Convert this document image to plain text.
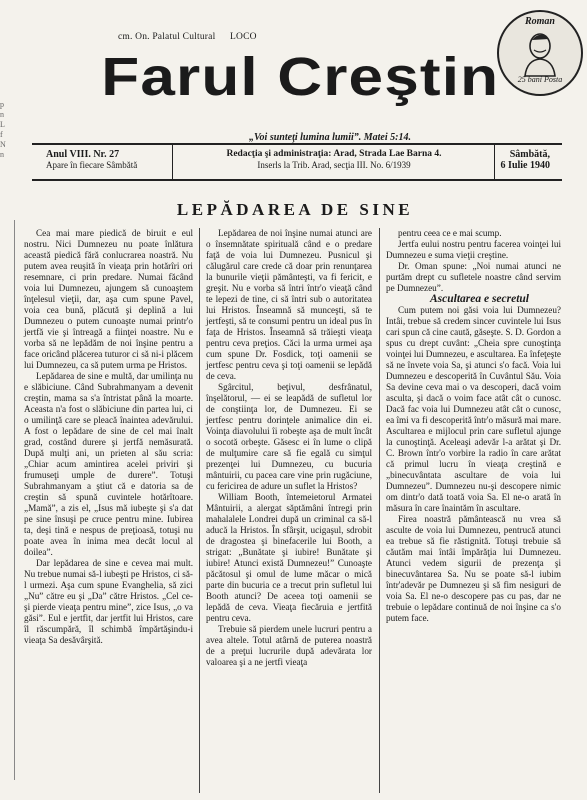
cm. On. Palatul Cultural LOCO
Farul Creştin
Roman
25 bani Posta
„Voi sunteţi lumina lumii”. Matei 5:14.
Anul VIII. Nr. 27
Apare în fiecare Sâmbătă
Redacţia şi administraţia: Arad, Strada Lae Barna 4.
Inserls la Trib. Arad, secţia III. No. 6/1939
Sâmbătă,
6 Iulie 1940
p
n
L
f
N
n
LEPĂDAREA DE SINE

Cea mai mare piedică de biruit e eul nostru. Nici Dumnezeu nu poate înlătura această piedică fără conlucrarea noastră. Nu putem avea reuşită în vieaţa prin hotărîri ori resemnare, ci prin predare. Numai făcând voia lui Dumnezeu, ajungem să cunoaştem înţelesul vieţii, dar, aşa cum spune Pavel, voia cea bună, plăcută şi deplină a lui Dumnezeu o putem cunoaşte numai printr'o jertfă vie şi întreagă a fiinţei noastre. Nu e vorba să ne lepădăm de noi înşine pentru a face oricând plăcerea tuturor ci să ni-i plăcem lui Dumnezeu, ca să putem urma pe Hristos.

Lepădarea de sine e multă, dar umilinţa nu e slăbiciune. Când Subrahmanyam a devenit creştin, mama sa s'a întristat până la moarte. Aceasta n'a fost o slăbiciune din partea lui, ci o umilinţă care se pleacă înaintea adevărului. A fost o lepădare de sine de cel mai înalt grad, costând durere şi jertfă nemăsurată. După mulţi ani, un prieten al său scria: „Chiar acum amintirea acelei priviri şi frumuseţi umple de durere”. Totuşi Subrahmanyam a ştiut că e datoria sa de creştin să spună cuvintele hotărîtoare. „Mamă”, a zis el, „Isus mă iubeşte şi s'a dat pe sine însuşi pe cruce pentru mine. Iubirea ta, deşi tină e nespus de preţioasă, totuşi nu poate avea în inima mea decât locul al doilea”.

Dar lepădarea de sine e cevea mai mult. Nu trebue numai să-l iubeşti pe Hristos, ci să-l urmezi. Aşa cum spune Evanghelia, să zici „Nu” către eu şi „Da” către Hristos. „Cel ce-şi pierde vieaţa pentru mine”, zice Isus, „o va găsi”. Eul e jertfit, dar jertfit lui Hristos, care îl răscumpără, îl schimbă împărtăşindu-i vieaţa Sa desăvârşită.

Lepădarea de noi înşine numai atunci are o însemnătate spirituală când e o predare faţă de voia lui Dumnezeu. Pusnicul şi călugărul care crede că doar prin renunţarea la bunurile vieţii pământeşti, va fi fericit, e greşit. Nu e vorba să întri într'o vieaţă când te lepezi de tine, ci să întri sub o autoritatea lui Hristos. Înseamnă să munceşti, să te jertfeşti, să te consumi pentru un ideal pus în faţa de Hristos. Înseamnă să trăieşti vieaţa pentru ceva preţios. Căci la urma urmei aşa cum spune Dr. Fosdick, toţi oamenii se jertfesc pentru ceva şi toţi oamenii se lepădă de ceva.

Sgârcitul, beţivul, desfrânatul, înşelătorul, — ei se leapădă de sufletul lor de conştiinţa lor, de Dumnezeu. Ei se jertfesc pentru dorinţele animalice din ei. Voinţa diavolului îi robeşte aşa de mult încât o socotă orbeşte. Găsesc ei în lume o clipă de mulţumire care să fie egală cu simţul prezenţei lui Dumnezeu, cu bucuria mântuirii, cu pacea care vine prin rugăciune, cu fericirea de adure un suflet la Hristos?

William Booth, întemeietorul Armatei Mântuirii, a alergat săptămâni întregi prin mahalalele Londrei după un criminal ca să-l aducă la Hristos. În sfârşit, ucigaşul, sdrobit de dragostea şi binefacerile lui Booth, a strigat: „Bunătate şi iubire! Bunătate şi iubire! Atunci există Dumnezeu!” Cunoaşte păcătosul şi omul de lume măcar o mică parte din bucuria ce a trecut prin sufletul lui Booth atunci? De aceea toţi oamenii se lepădă de ceva. Vieaţa fiecăruia e jertfită pentru ceva.

Trebuie să pierdem unele lucruri pentru a avea altele. Totul atârnă de puterea noastră de a preţui lucrurile după adevărata lor valoarea şi a ne jertfi vieaţa

pentru ceea ce e mai scump.

Jertfa eului nostru pentru facerea voinţei lui Dumnezeu e suma vieţii creştine.

Dr. Oman spune: „Noi numai atunci ne purtăm drept cu sufletele noastre când servim pe Dumnezeu”.

Ascultarea e secretul

Cum putem noi găsi voia lui Dumnezeu? Intâi, trebue să credem sincer cuvintele lui Isus cari spun că cine caută, găseşte. S. D. Gordon a spus cu drept cuvânt: „Cheia spre cunoştinţa voinţei lui Dumnezeu, e ascultarea. Ea înfeţeşte să ne învete voia Sa, şi atunci s'o facă. Voia lui Dumnezeu e descoperită în Cuvântul Său. Voia Sa devine ceva mai o va descoperi, dacă voim asculta, şi dacă o voim face atât cât o cunosc. Dacă fac voia lui Dumnezeu atât cât o cunosc, ea îmi va fi descoperită într'o măsură mai mare. Ascultarea e mijlocul prin care sufletul ajunge la cunoştinţă. Aceleaşi adevăr l-a arătat şi Dr. C. Brown într'o vorbire la radio în care arătat că primul lucru în vieaţa creştină e „binecuvântata ascultare de voia lui Dumnezeu”. Dumnezeu nu-şi descopere nimic om dintr'o dată toată voia Sa. El ne-o arată în măsura în care înaintăm în ascultare.

Firea noastră pământească nu vrea să asculte de voia lui Dumnezeu, pentrucă atunci ea trebue să fie răstignită. Totuşi trebuie să căutăm mai întâi împărăţia lui Dumnezeu. Atunci vedem sigurii de prezenţa şi binecuvântarea Sa. Nu se poate să-l iubim într'adevăr pe Dumnezeu şi să fim nesiguri de voia Sa. El ne-o descopere pas cu pas, dar ne trebuie o lepădare continuă de noi înşine ca s'o putem face.
